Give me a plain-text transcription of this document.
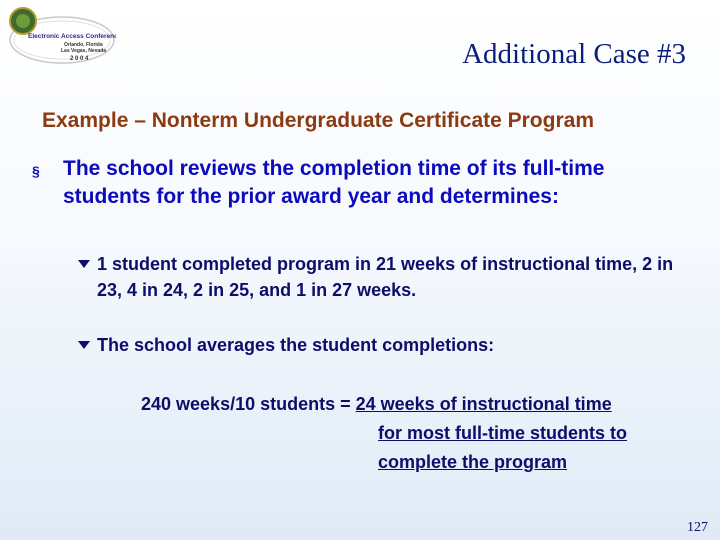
Electronic Access Conference
Orlando, Florida
Las Vegas, Nevada
2 0 0 4	Additional Case #3
Example – Nonterm Undergraduate Certificate Program
§ The school reviews the completion time of its full-time students for the prior award year and determines:
1 student completed program in 21 weeks of instructional time, 2 in 23, 4 in 24, 2 in 25, and 1 in 27 weeks.
The school averages the student completions:
240 weeks/10 students = 24 weeks of instructional time
for most full-time students to
complete the program
127
